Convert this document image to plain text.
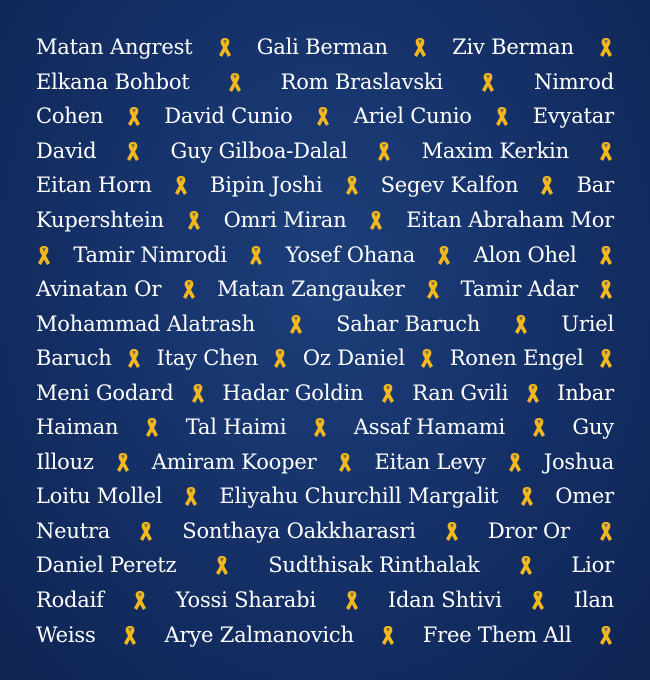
Matan Angrest	Gali Berman	Ziv Berman
Elkana Bohbot	Rom Braslavski	Nimrod
Cohen	David Cunio	Ariel Cunio	Evyatar
David	Guy Gilboa-Dalal	Maxim Kerkin
Eitan Horn	Bipin Joshi	Segev Kalfon	Bar
Kupershtein	Omri Miran	Eitan Abraham Mor
Tamir Nimrodi	Yosef Ohana	Alon Ohel
Avinatan Or	Matan Zangauker	Tamir Adar
Mohammad Alatrash	Sahar Baruch	Uriel
Baruch Itay Chen Oz Daniel Ronen Engel
Meni Godard Hadar Goldin Ran Gvili Inbar
Haiman	Tal Haimi	Assaf Hamami	Guy
Illouz	Amiram Kooper	Eitan Levy	Joshua
Loitu Mollel	Eliyahu Churchill Margalit	Omer
Neutra	Sonthaya Oakkharasri	Dror Or
Daniel Peretz	Sudthisak Rinthalak	Lior
Rodaif	Yossi Sharabi	Idan Shtivi	Ilan
Weiss	Arye Zalmanovich	Free Them All
